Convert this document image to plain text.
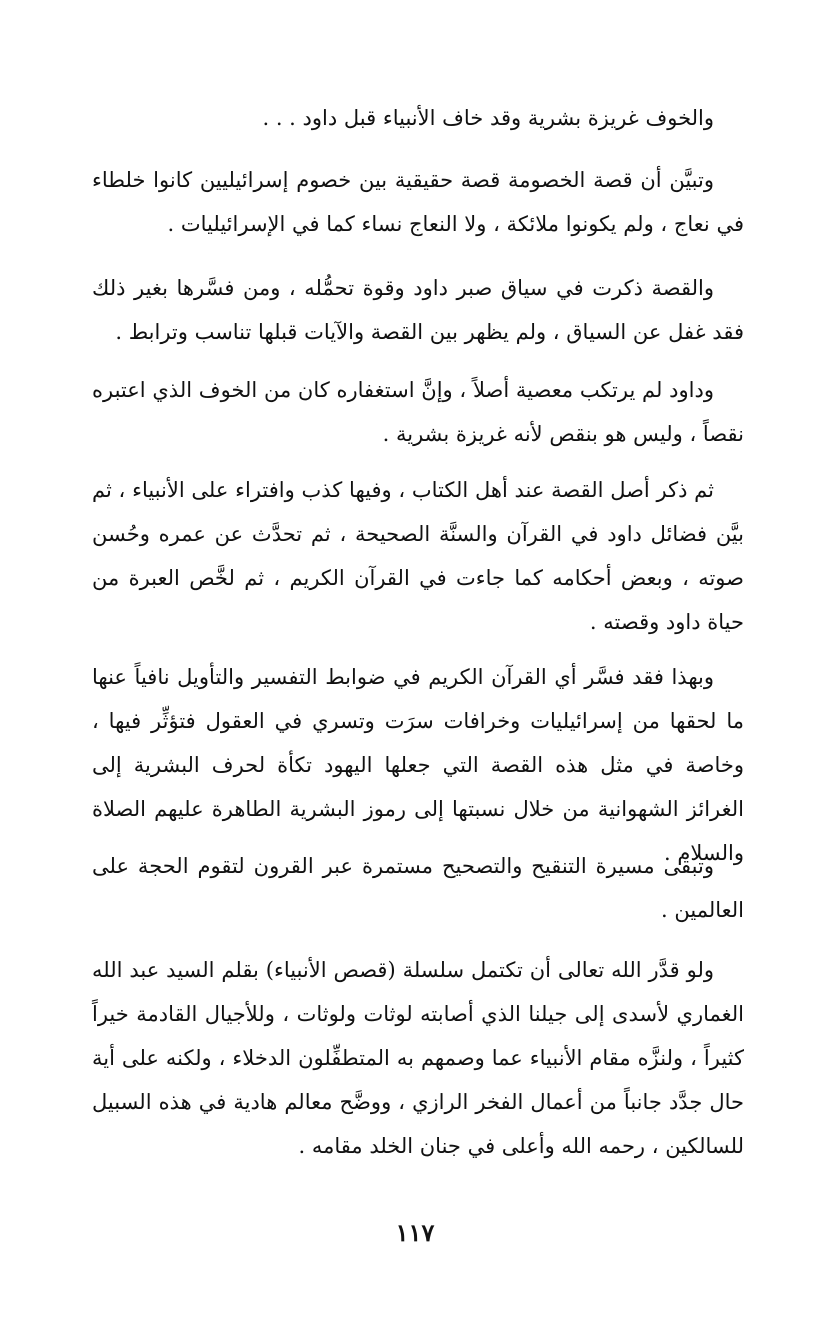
والخوف غريزة بشرية وقد خاف الأنبياء قبل داود . . .

وتبيَّن أن قصة الخصومة قصة حقيقية بين خصوم إسرائيليين كانوا خلطاء في نعاج ، ولم يكونوا ملائكة ، ولا النعاج نساء كما في الإسرائيليات .

والقصة ذكرت في سياق صبر داود وقوة تحمُّله ، ومن فسَّرها بغير ذلك فقد غفل عن السياق ، ولم يظهر بين القصة والآيات قبلها تناسب وترابط .

وداود لم يرتكب معصية أصلاً ، وإنَّ استغفاره كان من الخوف الذي اعتبره نقصاً ، وليس هو بنقص لأنه غريزة بشرية .

ثم ذكر أصل القصة عند أهل الكتاب ، وفيها كذب وافتراء على الأنبياء ، ثم بيَّن فضائل داود في القرآن والسنَّة الصحيحة ، ثم تحدَّث عن عمره وحُسن صوته ، وبعض أحكامه كما جاءت في القرآن الكريم ، ثم لخَّص العبرة من حياة داود وقصته .

وبهذا فقد فسَّر أي القرآن الكريم في ضوابط التفسير والتأويل نافياً عنها ما لحقها من إسرائيليات وخرافات سرَت وتسري في العقول فتؤثِّر فيها ، وخاصة في مثل هذه القصة التي جعلها اليهود تكأة لحرف البشرية إلى الغرائز الشهوانية من خلال نسبتها إلى رموز البشرية الطاهرة عليهم الصلاة والسلام .

وتبقى مسيرة التنقيح والتصحيح مستمرة عبر القرون لتقوم الحجة على العالمين .

ولو قدَّر الله تعالى أن تكتمل سلسلة (قصص الأنبياء) بقلم السيد عبد الله الغماري لأسدى إلى جيلنا الذي أصابته لوثات ولوثات ، وللأجيال القادمة خيراً كثيراً ، ولنزَّه مقام الأنبياء عما وصمهم به المتطفِّلون الدخلاء ، ولكنه على أية حال جدَّد جانباً من أعمال الفخر الرازي ، ووضَّح معالم هادية في هذه السبيل للسالكين ، رحمه الله وأعلى في جنان الخلد مقامه .

١١٧
